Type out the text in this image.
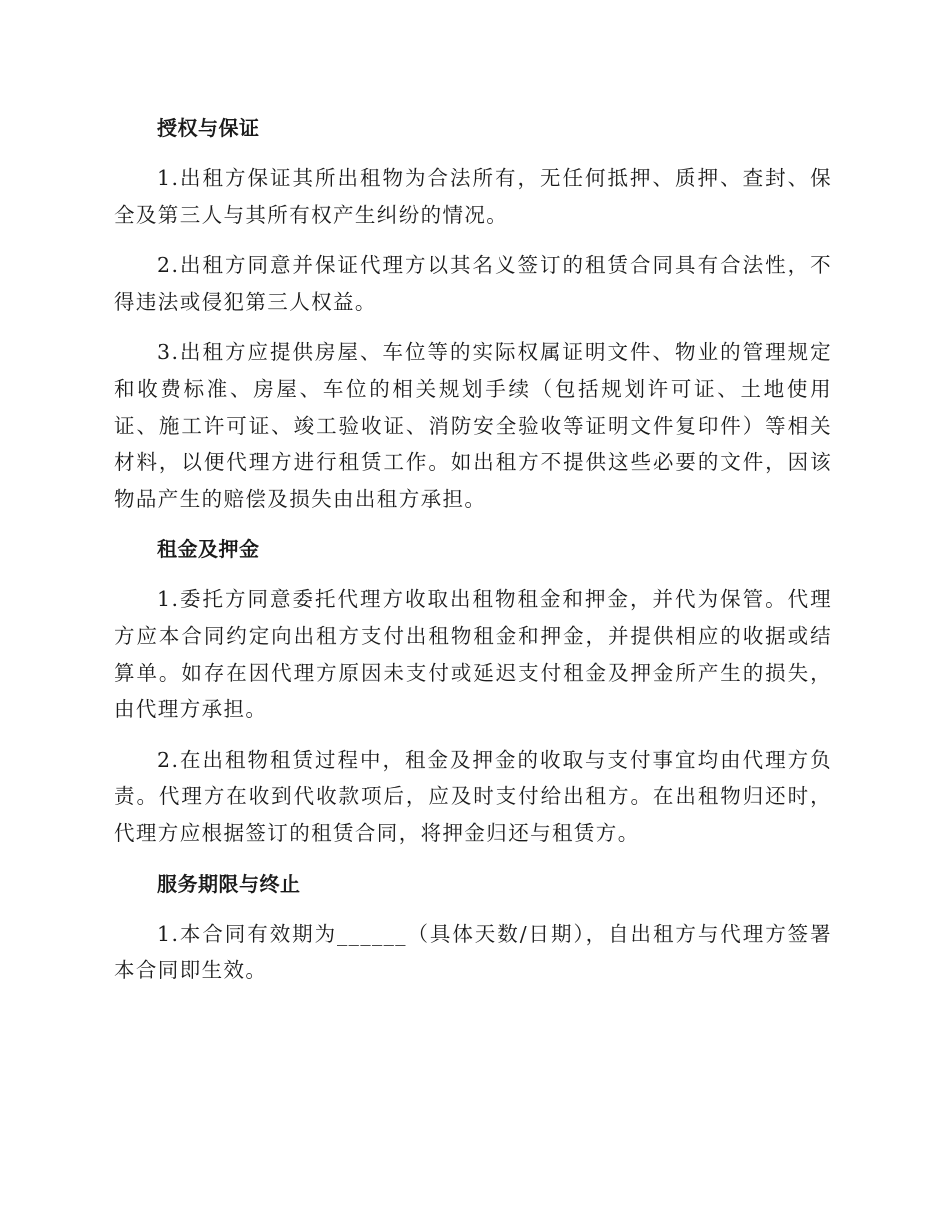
授权与保证

1.出租方保证其所出租物为合法所有，无任何抵押、质押、查封、保全及第三人与其所有权产生纠纷的情况。

2.出租方同意并保证代理方以其名义签订的租赁合同具有合法性，不得违法或侵犯第三人权益。

3.出租方应提供房屋、车位等的实际权属证明文件、物业的管理规定和收费标准、房屋、车位的相关规划手续（包括规划许可证、土地使用证、施工许可证、竣工验收证、消防安全验收等证明文件复印件）等相关材料，以便代理方进行租赁工作。如出租方不提供这些必要的文件，因该物品产生的赔偿及损失由出租方承担。

租金及押金

1.委托方同意委托代理方收取出租物租金和押金，并代为保管。代理方应本合同约定向出租方支付出租物租金和押金，并提供相应的收据或结算单。如存在因代理方原因未支付或延迟支付租金及押金所产生的损失，由代理方承担。

2.在出租物租赁过程中，租金及押金的收取与支付事宜均由代理方负责。代理方在收到代收款项后，应及时支付给出租方。在出租物归还时，代理方应根据签订的租赁合同，将押金归还与租赁方。

服务期限与终止

1.本合同有效期为______（具体天数/日期），自出租方与代理方签署本合同即生效。
